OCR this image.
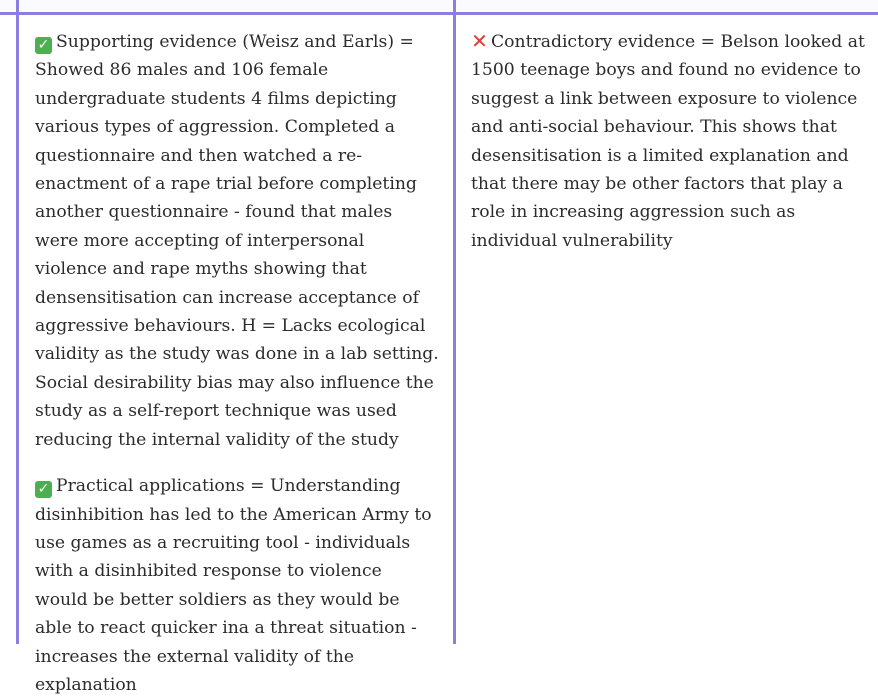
✓ Supporting evidence (Weisz and Earls) = Showed 86 males and 106 female undergraduate students 4 films depicting various types of aggression. Completed a questionnaire and then watched a re-enactment of a rape trial before completing another questionnaire - found that males were more accepting of interpersonal violence and rape myths showing that densensitisation can increase acceptance of aggressive behaviours. H = Lacks ecological validity as the study was done in a lab setting. Social desirability bias may also influence the study as a self-report technique was used reducing the internal validity of the study

✓ Practical applications = Understanding disinhibition has led to the American Army to use games as a recruiting tool - individuals with a disinhibited response to violence would be better soldiers as they would be able to react quicker ina a threat situation - increases the external validity of the explanation

✕ Contradictory evidence = Belson looked at 1500 teenage boys and found no evidence to suggest a link between exposure to violence and anti-social behaviour. This shows that desensitisation is a limited explanation and that there may be other factors that play a role in increasing aggression such as individual vulnerability
